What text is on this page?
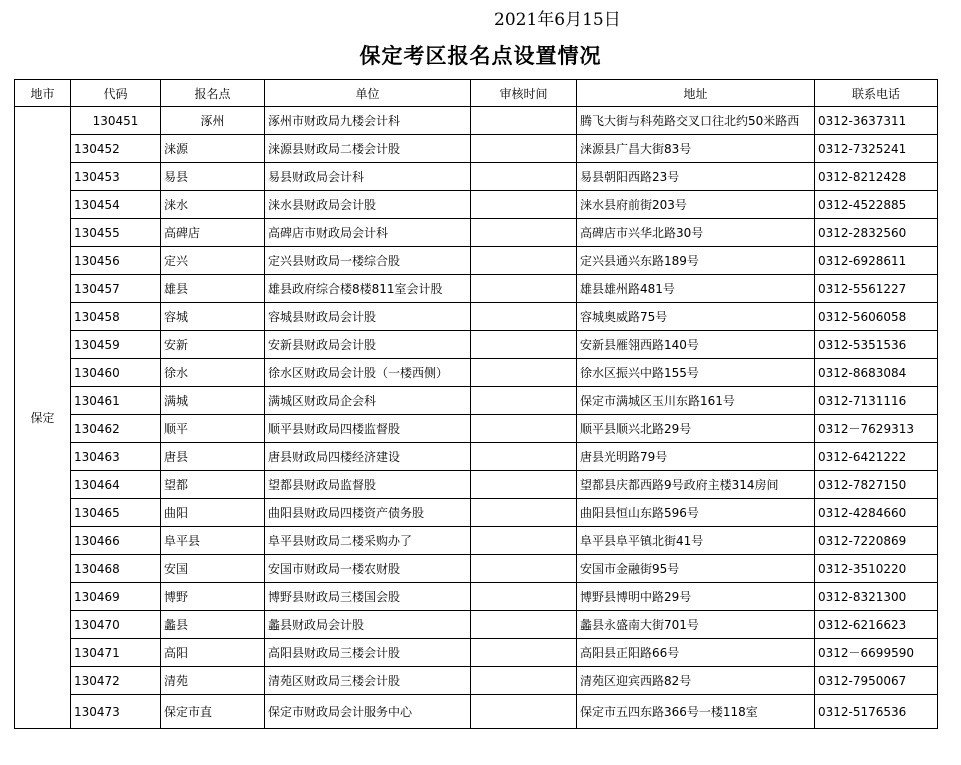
2021年6月15日
保定考区报名点设置情况
地市	代码	报名点	单位	审核时间	地址	联系电话
保定	130451	涿州	涿州市财政局九楼会计科		腾飞大街与科苑路交叉口往北约50米路西	0312-3637311
	130452	涞源	涞源县财政局二楼会计股		涞源县广昌大街83号	0312-7325241
	130453	易县	易县财政局会计科		易县朝阳西路23号	0312-8212428
	130454	涞水	涞水县财政局会计股		涞水县府前街203号	0312-4522885
	130455	高碑店	高碑店市财政局会计科		高碑店市兴华北路30号	0312-2832560
	130456	定兴	定兴县财政局一楼综合股		定兴县通兴东路189号	0312-6928611
	130457	雄县	雄县政府综合楼8楼811室会计股		雄县雄州路481号	0312-5561227
	130458	容城	容城县财政局会计股		容城奥威路75号	0312-5606058
	130459	安新	安新县财政局会计股		安新县雁翎西路140号	0312-5351536
	130460	徐水	徐水区财政局会计股（一楼西侧）		徐水区振兴中路155号	0312-8683084
	130461	满城	满城区财政局企会科		保定市满城区玉川东路161号	0312-7131116
	130462	顺平	顺平县财政局四楼监督股		顺平县顺兴北路29号	0312－7629313
	130463	唐县	唐县财政局四楼经济建设		唐县光明路79号	0312-6421222
	130464	望都	望都县财政局监督股		望都县庆都西路9号政府主楼314房间	0312-7827150
	130465	曲阳	曲阳县财政局四楼资产债务股		曲阳县恒山东路596号	0312-4284660
	130466	阜平县	阜平县财政局二楼采购办了		阜平县阜平镇北街41号	0312-7220869
	130468	安国	安国市财政局一楼农财股		安国市金融街95号	0312-3510220
	130469	博野	博野县财政局三楼国会股		博野县博明中路29号	0312-8321300
	130470	蠡县	蠡县财政局会计股		蠡县永盛南大街701号	0312-6216623
	130471	高阳	高阳县财政局三楼会计股		高阳县正阳路66号	0312－6699590
	130472	清苑	清苑区财政局三楼会计股		清苑区迎宾西路82号	0312-7950067
	130473	保定市直	保定市财政局会计服务中心		保定市五四东路366号一楼118室	0312-5176536
